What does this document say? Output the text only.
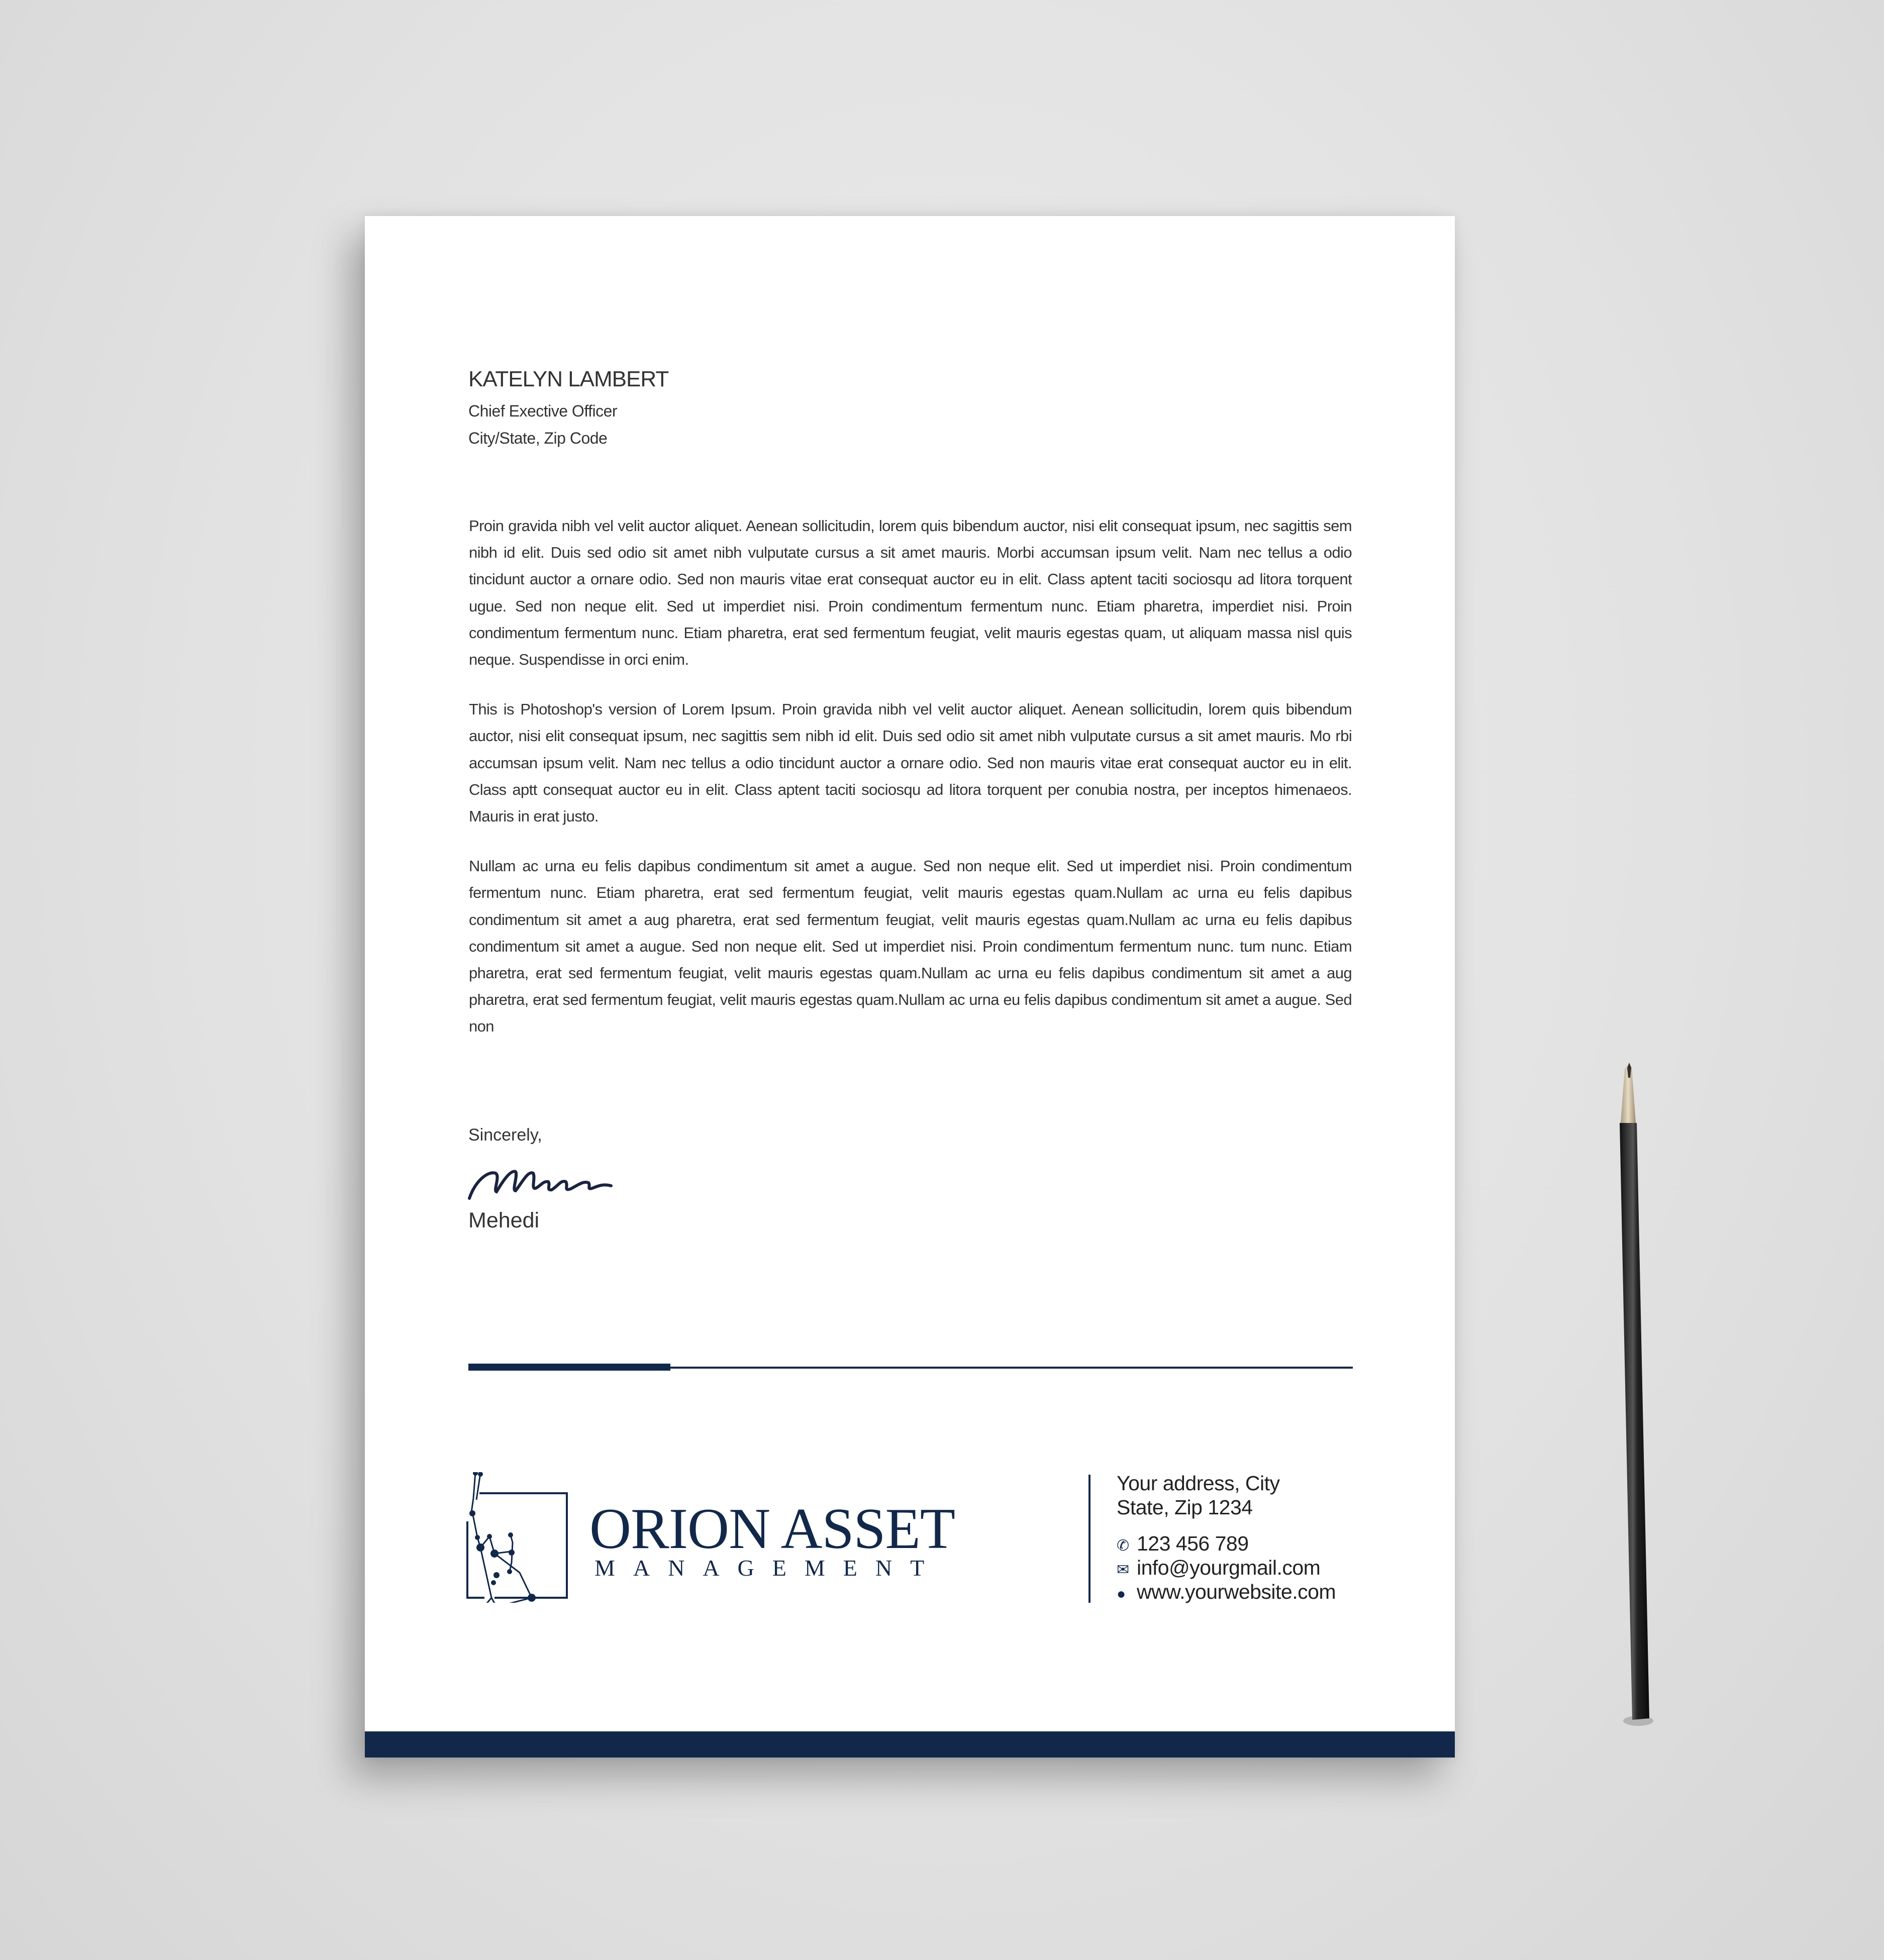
KATELYN LAMBERT
Chief Exective Officer
City/State, Zip Code

Proin gravida nibh vel velit auctor aliquet. Aenean sollicitudin, lorem quis bibendum auctor, nisi elit consequat ipsum, nec sagittis sem nibh id elit. Duis sed odio sit amet nibh vulputate cursus a sit amet mauris. Morbi accumsan ipsum velit. Nam nec tellus a odio tincidunt auctor a ornare odio. Sed non mauris vitae erat consequat auctor eu in elit. Class aptent taciti sociosqu ad litora torquent ugue. Sed non neque elit. Sed ut imperdiet nisi. Proin condimentum fermentum nunc. Etiam pharetra, imperdiet nisi. Proin condimentum fermentum nunc. Etiam pharetra, erat sed fermentum feugiat, velit mauris egestas quam, ut aliquam massa nisl quis neque. Suspendisse in orci enim.

This is Photoshop's version of Lorem Ipsum. Proin gravida nibh vel velit auctor aliquet. Aenean sollicitudin, lorem quis bibendum auctor, nisi elit consequat ipsum, nec sagittis sem nibh id elit. Duis sed odio sit amet nibh vulputate cursus a sit amet mauris. Mo rbi accumsan ipsum velit. Nam nec tellus a odio tincidunt auctor a ornare odio. Sed non mauris vitae erat consequat auctor eu in elit. Class aptt consequat auctor eu in elit. Class aptent taciti sociosqu ad litora torquent per conubia nostra, per inceptos himenaeos. Mauris in erat justo.

Nullam ac urna eu felis dapibus condimentum sit amet a augue. Sed non neque elit. Sed ut imperdiet nisi. Proin condimentum fermentum nunc. Etiam pharetra, erat sed fermentum feugiat, velit mauris egestas quam.Nullam ac urna eu felis dapibus condimentum sit amet a aug pharetra, erat sed fermentum feugiat, velit mauris egestas quam.Nullam ac urna eu felis dapibus condimentum sit amet a augue. Sed non neque elit. Sed ut imperdiet nisi. Proin condimentum fermentum nunc. tum nunc. Etiam pharetra, erat sed fermentum feugiat, velit mauris egestas quam.Nullam ac urna eu felis dapibus condimentum sit amet a aug pharetra, erat sed fermentum feugiat, velit mauris egestas quam.Nullam ac urna eu felis dapibus condimentum sit amet a augue. Sed non

Sincerely,
Mehedi
ORION ASSET
MANAGEMENT
Your address, City
State, Zip 1234
✆ 123 456 789
✉ info@yourgmail.com
● www.yourwebsite.com
